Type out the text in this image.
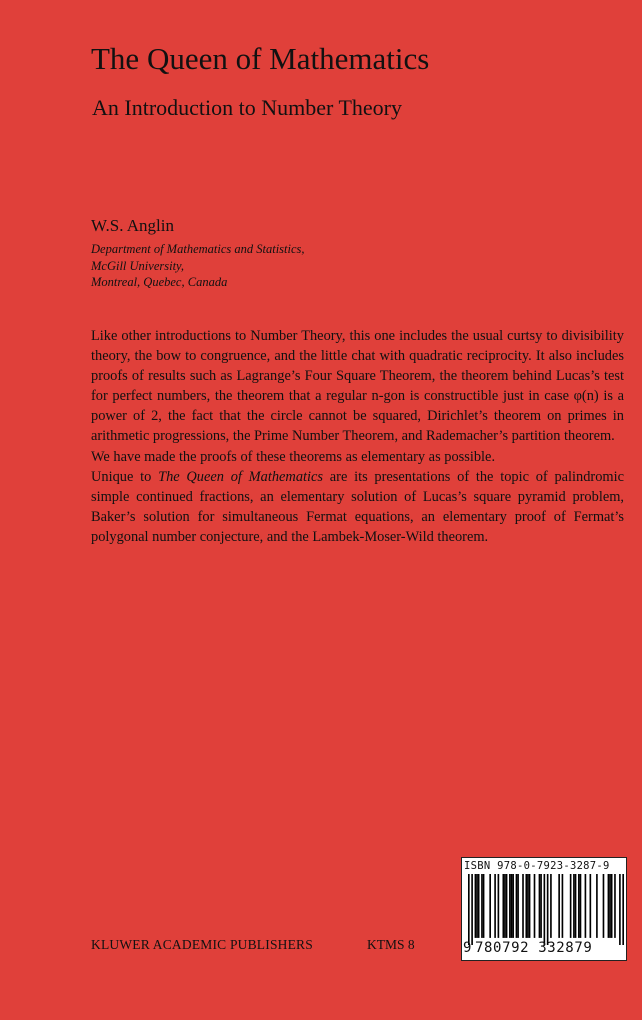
The Queen of Mathematics
An Introduction to Number Theory
W.S. Anglin
Department of Mathematics and Statistics,
McGill University,
Montreal, Quebec, Canada

Like other introductions to Number Theory, this one includes the usual curtsy to divisibility theory, the bow to congruence, and the little chat with quadratic reciprocity. It also includes proofs of results such as Lagrange’s Four Square Theorem, the theorem behind Lucas’s test for perfect numbers, the theorem that a regular n-gon is constructible just in case φ(n) is a power of 2, the fact that the circle cannot be squared, Dirichlet’s theorem on primes in arithmetic progressions, the Prime Number Theorem, and Rademacher’s partition theorem.

We have made the proofs of these theorems as elementary as possible.

Unique to The Queen of Mathematics are its presentations of the topic of palindromic simple continued fractions, an elementary solution of Lucas’s square pyramid problem, Baker’s solution for simultaneous Fermat equations, an elementary proof of Fermat’s polygonal number conjecture, and the Lambek-Moser-Wild theorem.

KLUWER ACADEMIC PUBLISHERS	KTMS 8
ISBN 978-0-7923-3287-9
9 780792 332879
